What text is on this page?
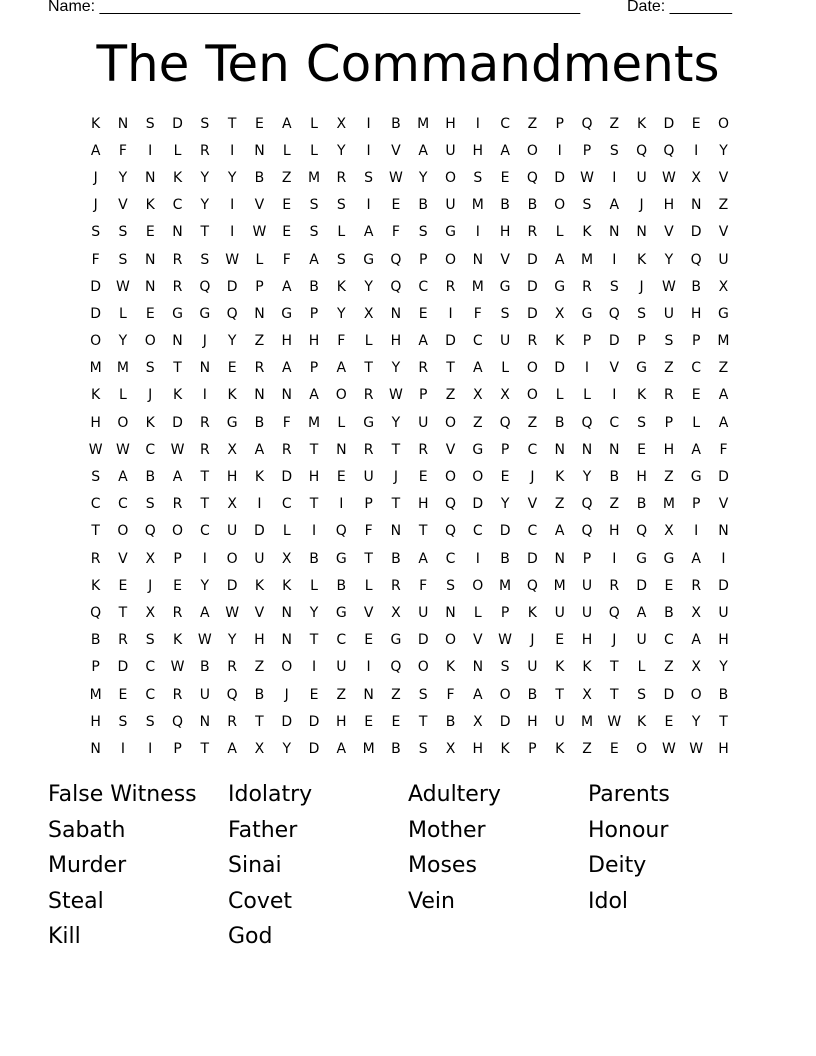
Name: ______________________________________________________	Date: _______
The Ten Commandments
K	N	S	D	S	T	E	A	L	X	I	B	M	H	I	C	Z	P	Q	Z	K	D	E	O
A	F	I	L	R	I	N	L	L	Y	I	V	A	U	H	A	O	I	P	S	Q	Q	I	Y
J	Y	N	K	Y	Y	B	Z	M	R	S	W	Y	O	S	E	Q	D	W	I	U	W	X	V
J	V	K	C	Y	I	V	E	S	S	I	E	B	U	M	B	B	O	S	A	J	H	N	Z
S	S	E	N	T	I	W	E	S	L	A	F	S	G	I	H	R	L	K	N	N	V	D	V
F	S	N	R	S	W	L	F	A	S	G	Q	P	O	N	V	D	A	M	I	K	Y	Q	U
D	W	N	R	Q	D	P	A	B	K	Y	Q	C	R	M	G	D	G	R	S	J	W	B	X
D	L	E	G	G	Q	N	G	P	Y	X	N	E	I	F	S	D	X	G	Q	S	U	H	G
O	Y	O	N	J	Y	Z	H	H	F	L	H	A	D	C	U	R	K	P	D	P	S	P	M
M	M	S	T	N	E	R	A	P	A	T	Y	R	T	A	L	O	D	I	V	G	Z	C	Z
K	L	J	K	I	K	N	N	A	O	R	W	P	Z	X	X	O	L	L	I	K	R	E	A
H	O	K	D	R	G	B	F	M	L	G	Y	U	O	Z	Q	Z	B	Q	C	S	P	L	A
W W	C	W	R	X	A	R	T	N	R	T	R	V	G	P	C	N	N	N	E	H	A	F
S	A	B	A	T	H	K	D	H	E	U	J	E	O	O	E	J	K	Y	B	H	Z	G	D
C	C	S	R	T	X	I	C	T	I	P	T	H	Q	D	Y	V	Z	Q	Z	B	M	P	V
T	O	Q	O	C	U	D	L	I	Q	F	N	T	Q	C	D	C	A	Q	H	Q	X	I	N
R	V	X	P	I	O	U	X	B	G	T	B	A	C	I	B	D	N	P	I	G	G	A	I
K	E	J	E	Y	D	K	K	L	B	L	R	F	S	O	M	Q	M	U	R	D	E	R	D
Q	T	X	R	A	W	V	N	Y	G	V	X	U	N	L	P	K	U	U	Q	A	B	X	U
B	R	S	K	W	Y	H	N	T	C	E	G	D	O	V	W	J	E	H	J	U	C	A	H
P	D	C	W	B	R	Z	O	I	U	I	Q	O	K	N	S	U	K	K	T	L	Z	X	Y
M	E	C	R	U	Q	B	J	E	Z	N	Z	S	F	A	O	B	T	X	T	S	D	O	B
H	S	S	Q	N	R	T	D	D	H	E	E	T	B	X	D	H	U	M	W	K	E	Y	T
N	I	I	P	T	A	X	Y	D	A	M	B	S	X	H	K	P	K	Z	E	O	W W	H
False Witness	Idolatry	Adultery	Parents
Sabath	Father	Mother	Honour
Murder	Sinai	Moses	Deity
Steal	Covet	Vein	Idol
Kill	God
